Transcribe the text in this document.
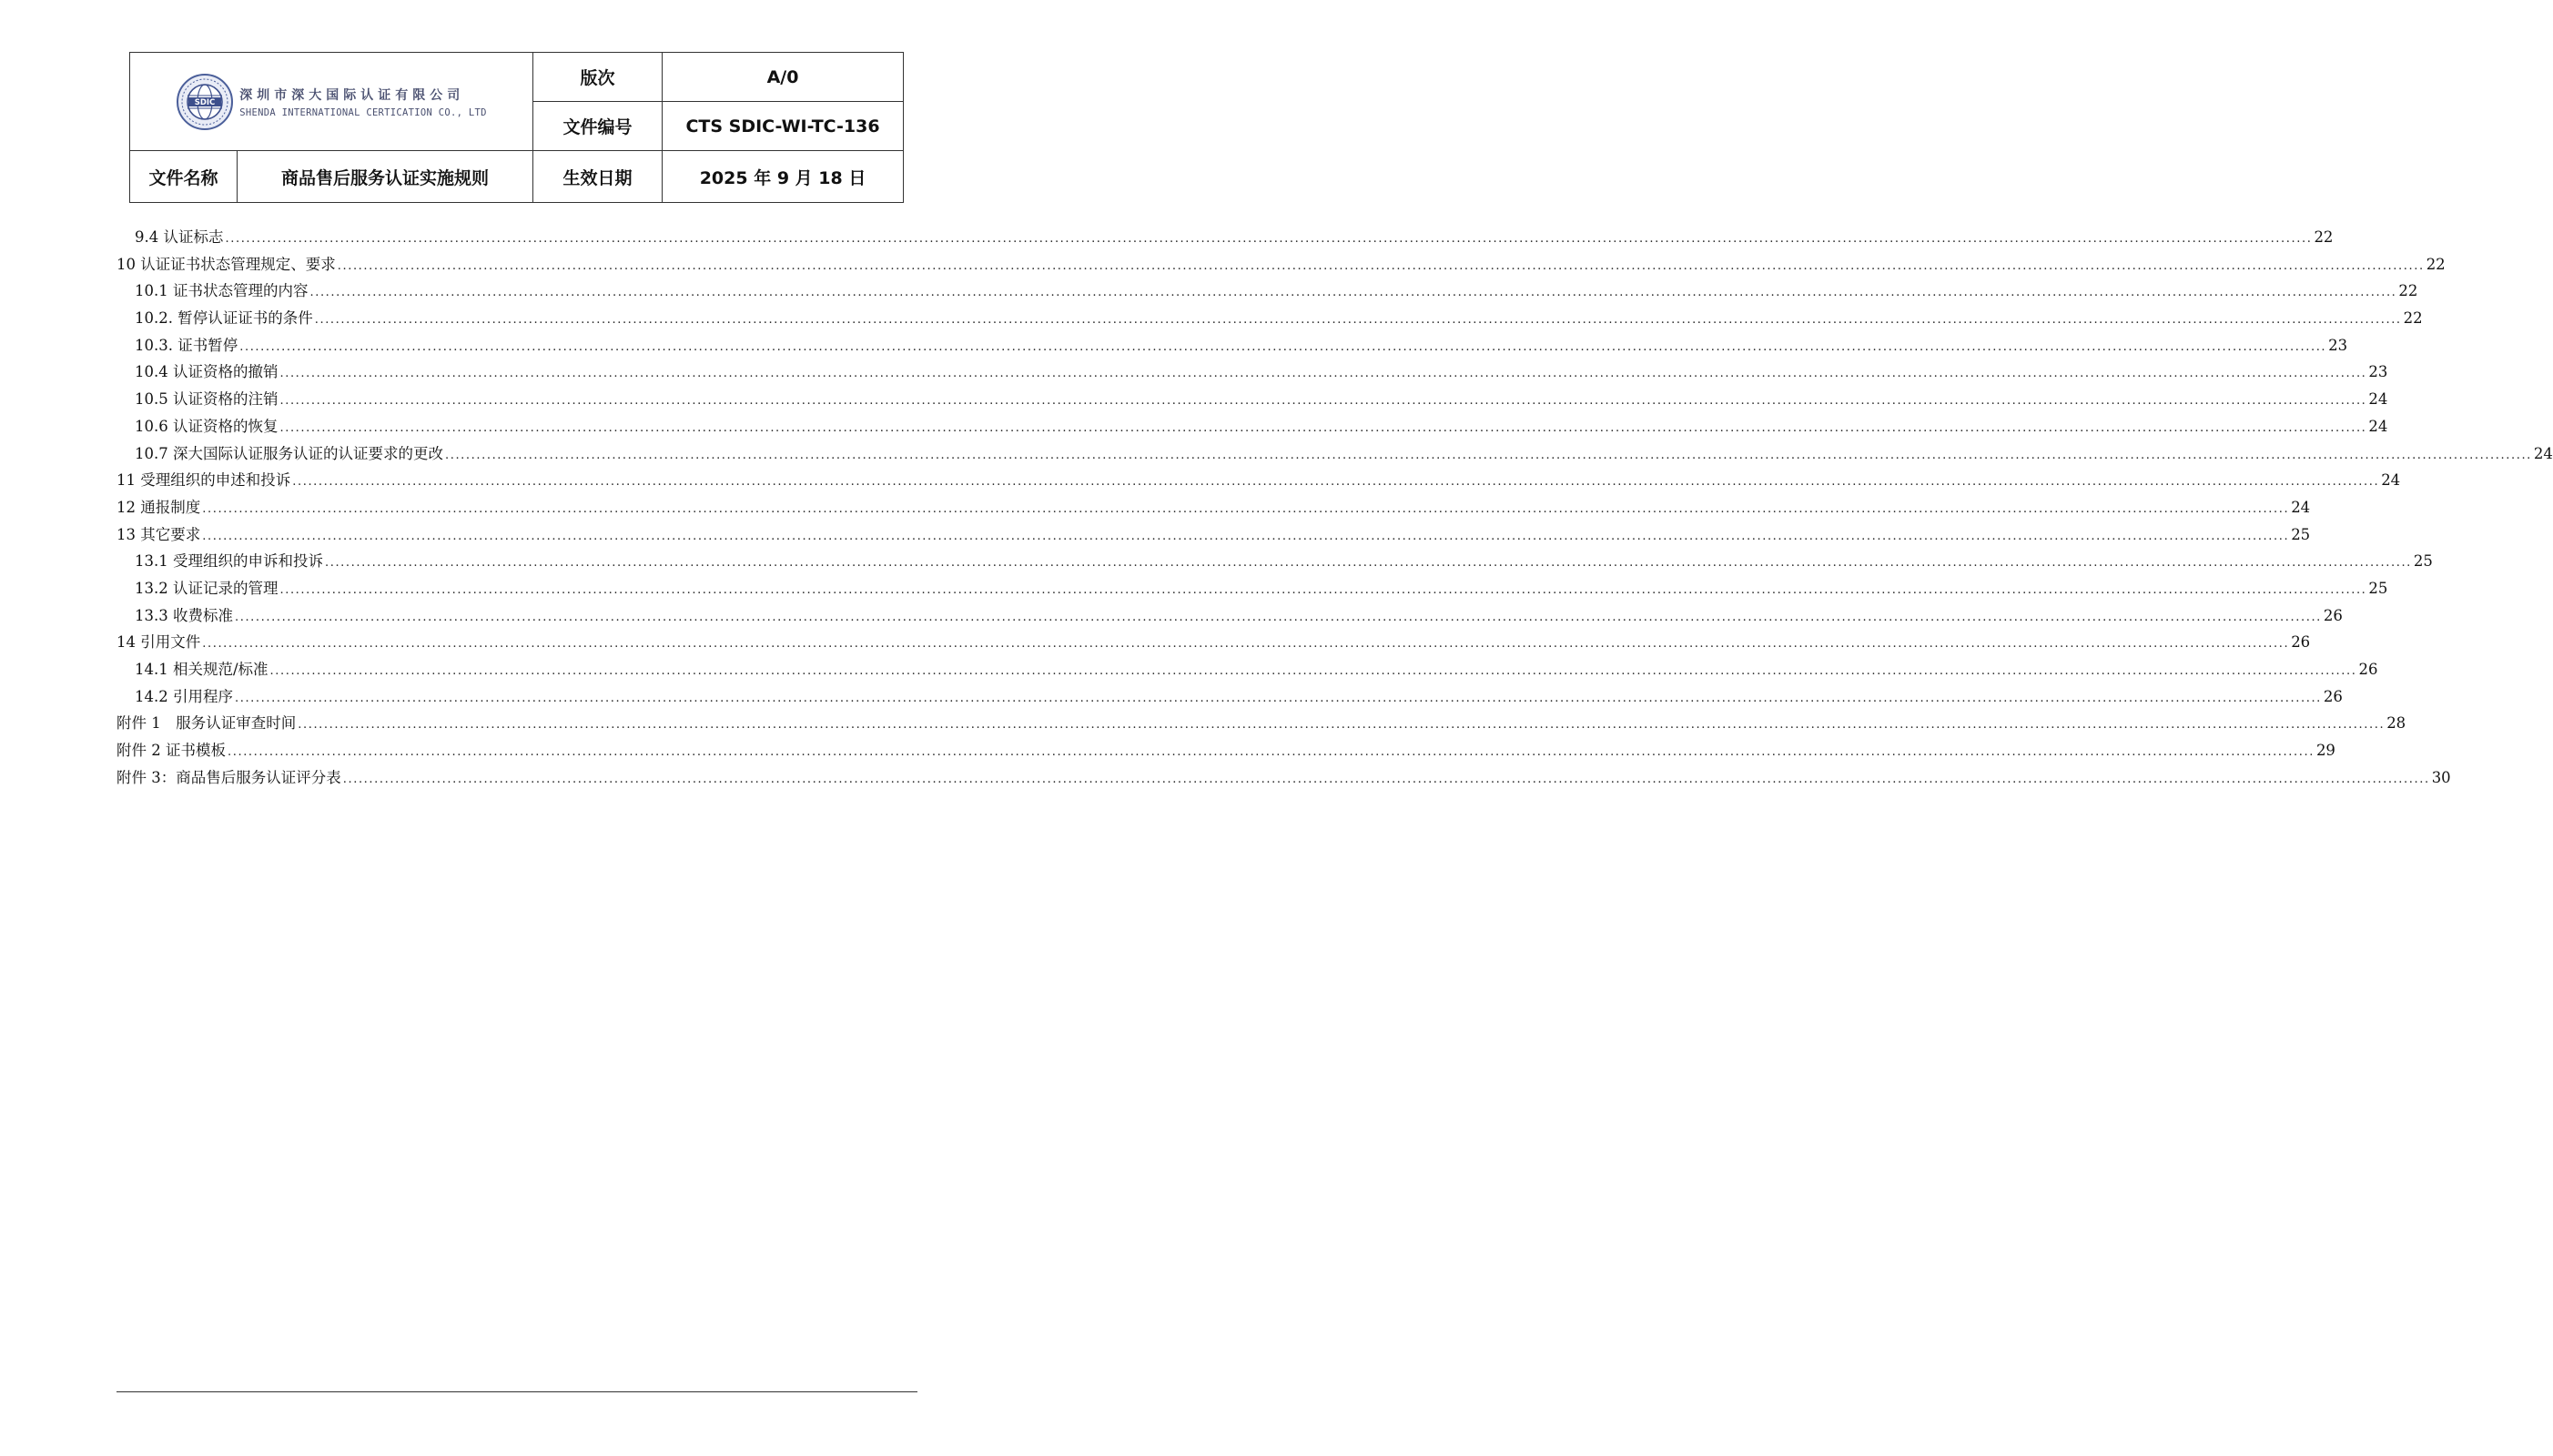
SDIC 深圳市深大国际认证有限公司
SHENDA INTERNATIONAL CERTICATION CO., LTD		版次	A/0
		文件编号	CTS SDIC-WI-TC-136
文件名称	商品售后服务认证实施规则	生效日期	2025 年 9 月 18 日
9.4 认证标志 ................................................................................................................................................................................................................................................................................................................................................................................................................ 22
10 认证证书状态管理规定、要求 ................................................................................................................................................................................................................................................................................................................................................................................................................ 22
10.1 证书状态管理的内容 ................................................................................................................................................................................................................................................................................................................................................................................................................ 22
10.2. 暂停认证证书的条件 ................................................................................................................................................................................................................................................................................................................................................................................................................ 22
10.3. 证书暂停 ................................................................................................................................................................................................................................................................................................................................................................................................................ 23
10.4 认证资格的撤销 ................................................................................................................................................................................................................................................................................................................................................................................................................ 23
10.5 认证资格的注销 ................................................................................................................................................................................................................................................................................................................................................................................................................ 24
10.6 认证资格的恢复 ................................................................................................................................................................................................................................................................................................................................................................................................................ 24
10.7 深大国际认证服务认证的认证要求的更改 ................................................................................................................................................................................................................................................................................................................................................................................................................ 24
11 受理组织的申述和投诉 ................................................................................................................................................................................................................................................................................................................................................................................................................ 24
12 通报制度 ................................................................................................................................................................................................................................................................................................................................................................................................................ 24
13 其它要求 ................................................................................................................................................................................................................................................................................................................................................................................................................ 25
13.1 受理组织的申诉和投诉 ................................................................................................................................................................................................................................................................................................................................................................................................................ 25
13.2 认证记录的管理 ................................................................................................................................................................................................................................................................................................................................................................................................................ 25
13.3 收费标准 ................................................................................................................................................................................................................................................................................................................................................................................................................ 26
14 引用文件 ................................................................................................................................................................................................................................................................................................................................................................................................................ 26
14.1 相关规范/标准 ................................................................................................................................................................................................................................................................................................................................................................................................................ 26
14.2 引用程序 ................................................................................................................................................................................................................................................................................................................................................................................................................ 26
附件 1　服务认证审查时间 ................................................................................................................................................................................................................................................................................................................................................................................................................ 28
附件 2 证书模板 ................................................................................................................................................................................................................................................................................................................................................................................................................ 29
附件 3：商品售后服务认证评分表 ................................................................................................................................................................................................................................................................................................................................................................................................................ 30
